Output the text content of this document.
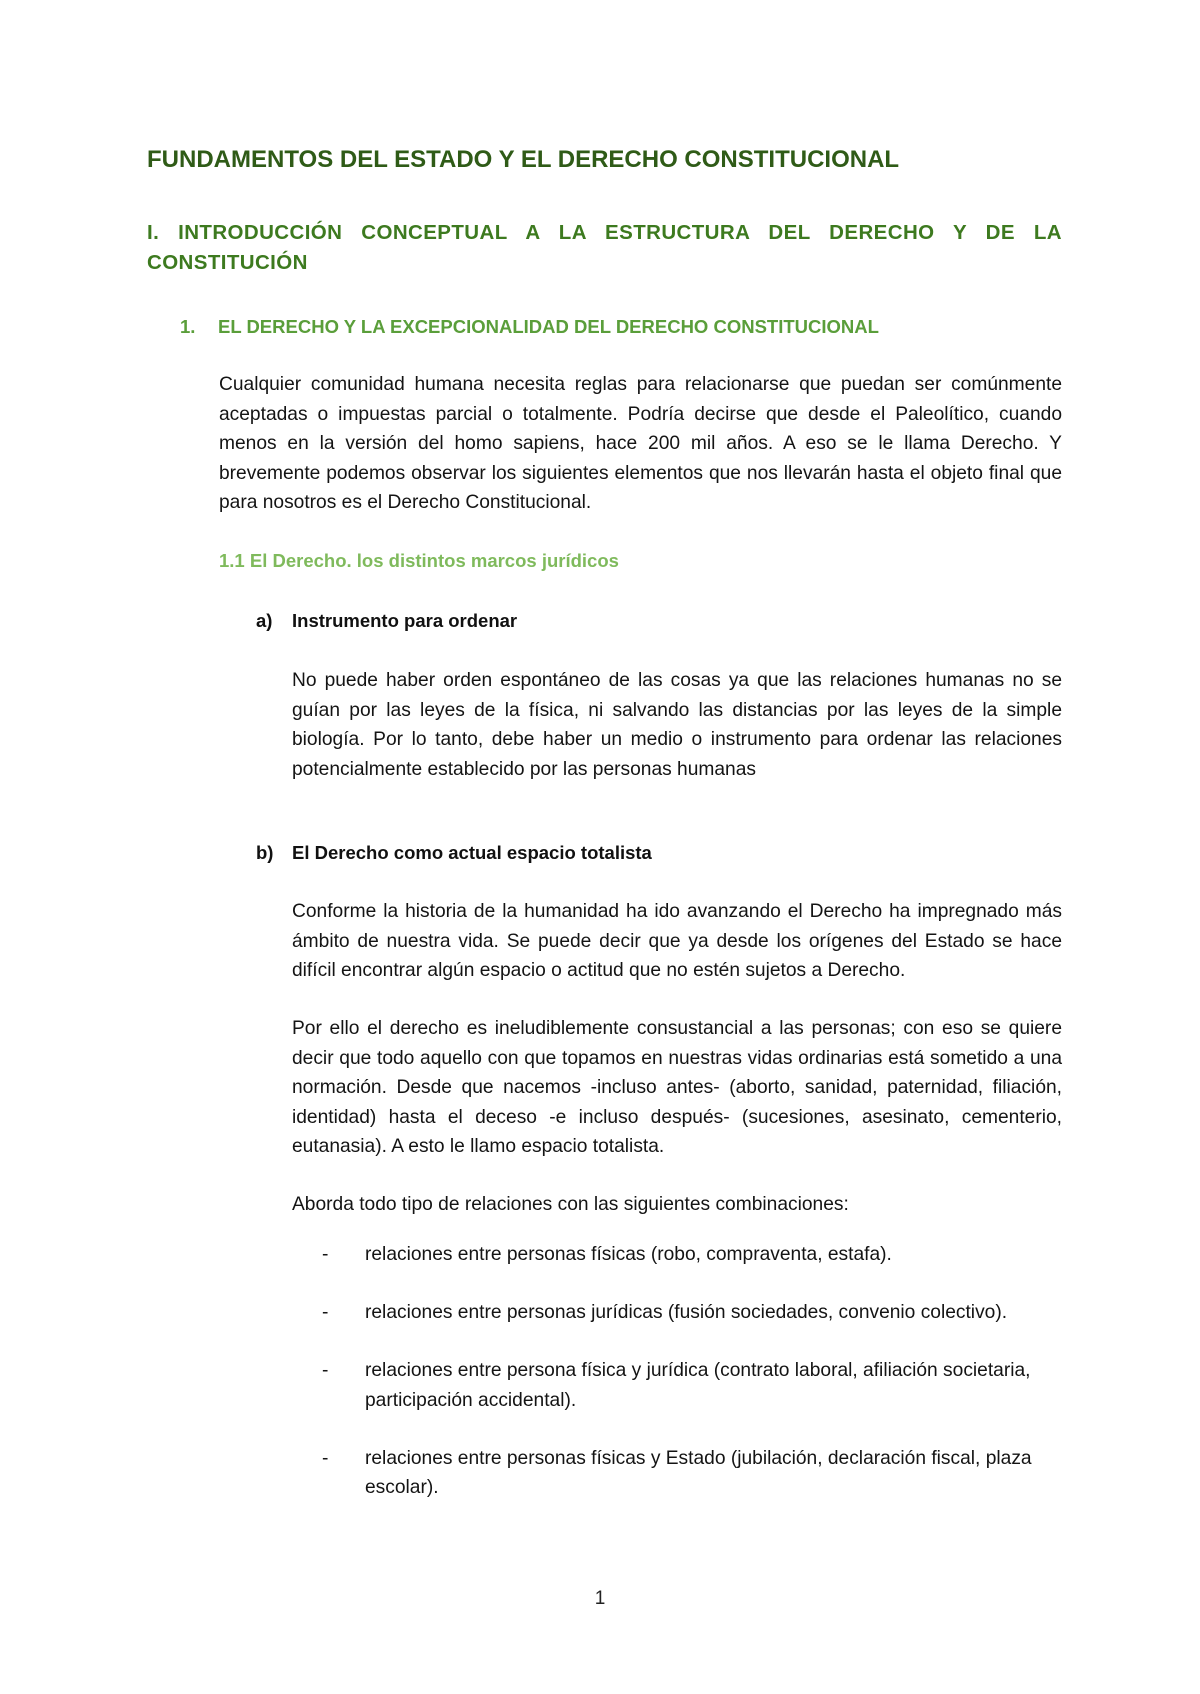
FUNDAMENTOS DEL ESTADO Y EL DERECHO CONSTITUCIONAL
I. INTRODUCCIÓN CONCEPTUAL A LA ESTRUCTURA DEL DERECHO Y DE LA CONSTITUCIÓN
1. EL DERECHO Y LA EXCEPCIONALIDAD DEL DERECHO CONSTITUCIONAL

Cualquier comunidad humana necesita reglas para relacionarse que puedan ser comúnmente aceptadas o impuestas parcial o totalmente. Podría decirse que desde el Paleolítico, cuando menos en la versión del homo sapiens, hace 200 mil años. A eso se le llama Derecho. Y brevemente podemos observar los siguientes elementos que nos llevarán hasta el objeto final que para nosotros es el Derecho Constitucional.

1.1 El Derecho. los distintos marcos jurídicos
a) Instrumento para ordenar

No puede haber orden espontáneo de las cosas ya que las relaciones humanas no se guían por las leyes de la física, ni salvando las distancias por las leyes de la simple biología. Por lo tanto, debe haber un medio o instrumento para ordenar las relaciones potencialmente establecido por las personas humanas

b) El Derecho como actual espacio totalista

Conforme la historia de la humanidad ha ido avanzando el Derecho ha impregnado más ámbito de nuestra vida. Se puede decir que ya desde los orígenes del Estado se hace difícil encontrar algún espacio o actitud que no estén sujetos a Derecho.

Por ello el derecho es ineludiblemente consustancial a las personas; con eso se quiere decir que todo aquello con que topamos en nuestras vidas ordinarias está sometido a una normación. Desde que nacemos -incluso antes- (aborto, sanidad, paternidad, filiación, identidad) hasta el deceso -e incluso después- (sucesiones, asesinato, cementerio, eutanasia). A esto le llamo espacio totalista.

Aborda todo tipo de relaciones con las siguientes combinaciones:

- relaciones entre personas físicas (robo, compraventa, estafa).
- relaciones entre personas jurídicas (fusión sociedades, convenio colectivo).
- relaciones entre persona física y jurídica (contrato laboral, afiliación societaria, participación accidental).
- relaciones entre personas físicas y Estado (jubilación, declaración fiscal, plaza escolar).

1
